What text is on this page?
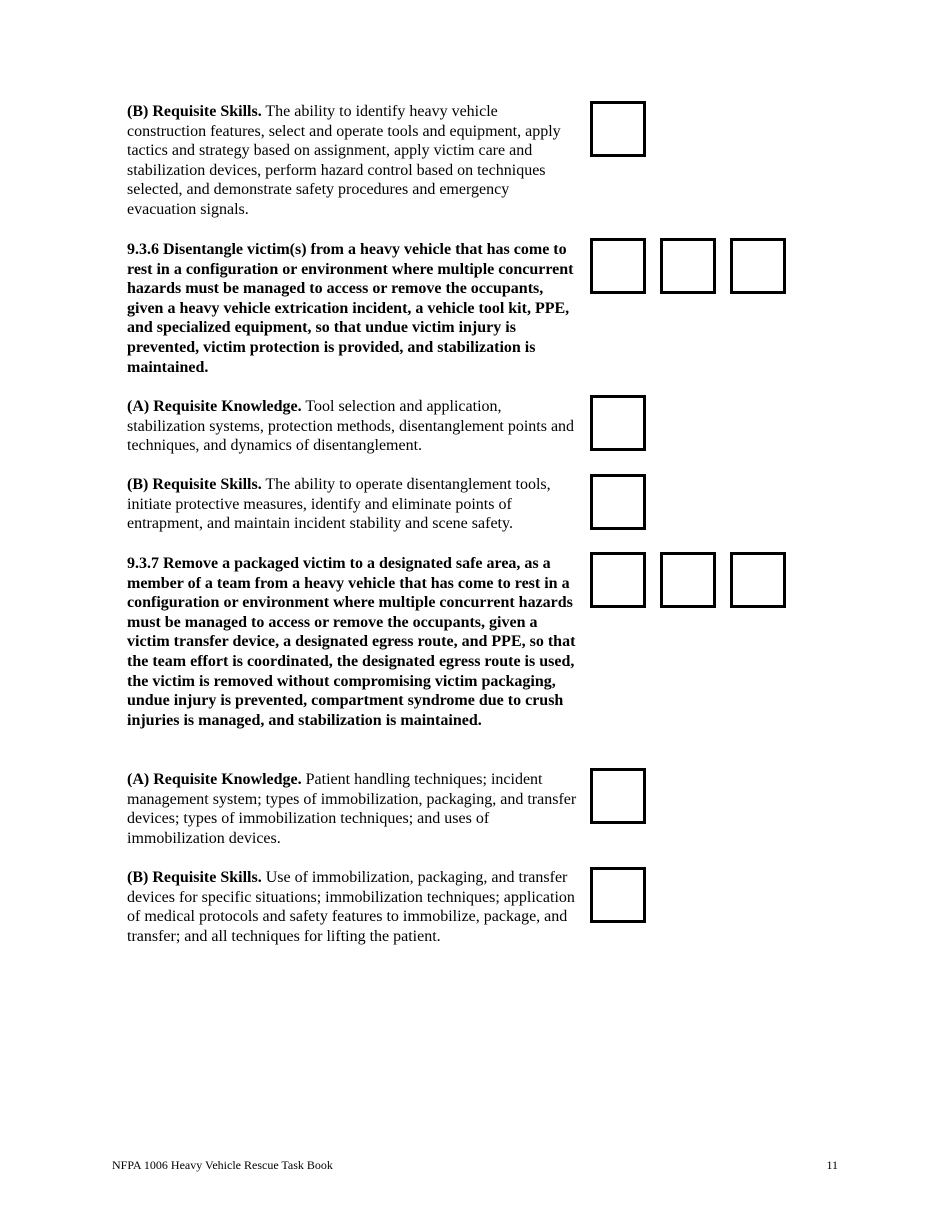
(B) Requisite Skills. The ability to identify heavy vehicle construction features, select and operate tools and equipment, apply tactics and strategy based on assignment, apply victim care and stabilization devices, perform hazard control based on techniques selected, and demonstrate safety procedures and emergency evacuation signals.
9.3.6 Disentangle victim(s) from a heavy vehicle that has come to rest in a configuration or environment where multiple concurrent hazards must be managed to access or remove the occupants, given a heavy vehicle extrication incident, a vehicle tool kit, PPE, and specialized equipment, so that undue victim injury is prevented, victim protection is provided, and stabilization is maintained.
(A) Requisite Knowledge. Tool selection and application, stabilization systems, protection methods, disentanglement points and techniques, and dynamics of disentanglement.
(B) Requisite Skills. The ability to operate disentanglement tools, initiate protective measures, identify and eliminate points of entrapment, and maintain incident stability and scene safety.
9.3.7 Remove a packaged victim to a designated safe area, as a member of a team from a heavy vehicle that has come to rest in a configuration or environment where multiple concurrent hazards must be managed to access or remove the occupants, given a victim transfer device, a designated egress route, and PPE, so that the team effort is coordinated, the designated egress route is used, the victim is removed without compromising victim packaging, undue injury is prevented, compartment syndrome due to crush injuries is managed, and stabilization is maintained.
(A) Requisite Knowledge. Patient handling techniques; incident management system; types of immobilization, packaging, and transfer devices; types of immobilization techniques; and uses of immobilization devices.
(B) Requisite Skills. Use of immobilization, packaging, and transfer devices for specific situations; immobilization techniques; application of medical protocols and safety features to immobilize, package, and transfer; and all techniques for lifting the patient.
NFPA 1006 Heavy Vehicle Rescue Task Book	11
